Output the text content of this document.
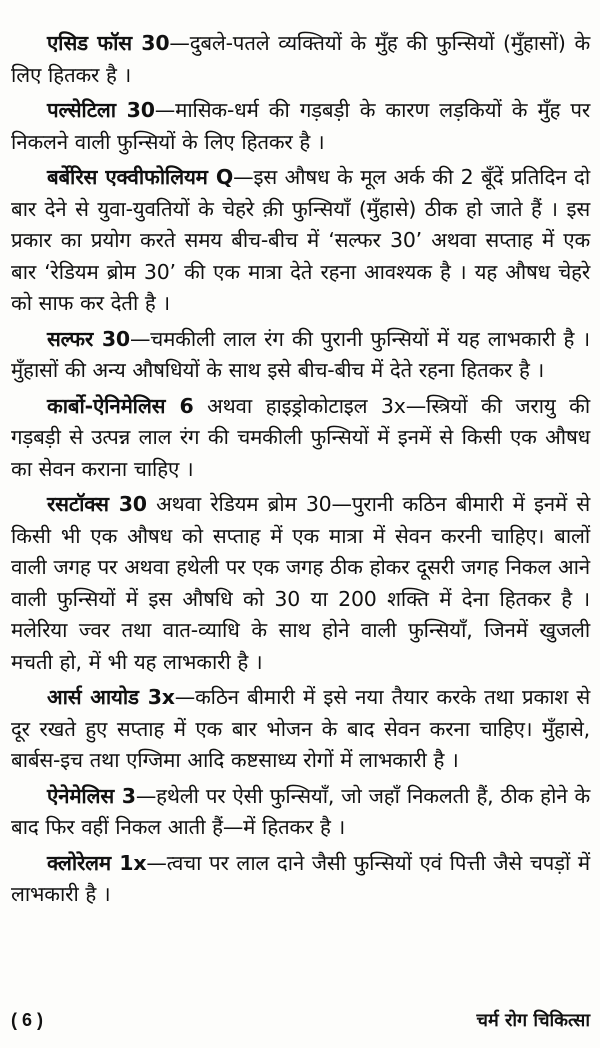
एसिड फॉस 30—दुबले-पतले व्यक्तियों के मुँह की फुन्सियों (मुँहासों) के लिए हितकर है ।

पल्सेटिला 30—मासिक-धर्म की गड़बड़ी के कारण लड़कियों के मुँह पर निकलने वाली फुन्सियों के लिए हितकर है ।

बर्बेरिस एक्वीफोलियम Q—इस औषध के मूल अर्क की 2 बूँदें प्रतिदिन दो बार देने से युवा-युवतियों के चेहरे क़ी फुन्सियाँ (मुँहासे) ठीक हो जाते हैं । इस प्रकार का प्रयोग करते समय बीच-बीच में ‘सल्फर 30’ अथवा सप्ताह में एक बार ‘रेडियम ब्रोम 30’ की एक मात्रा देते रहना आवश्यक है । यह औषध चेहरे को साफ कर देती है ।

सल्फर 30—चमकीली लाल रंग की पुरानी फुन्सियों में यह लाभकारी है । मुँहासों की अन्य औषधियों के साथ इसे बीच-बीच में देते रहना हितकर है ।

कार्बो-ऐनिमेलिस 6 अथवा हाइड्रोकोटाइल 3x—स्त्रियों की जरायु की गड़बड़ी से उत्पन्न लाल रंग की चमकीली फुन्सियों में इनमें से किसी एक औषध का सेवन कराना चाहिए ।

रसटॉक्स 30 अथवा रेडियम ब्रोम 30—पुरानी कठिन बीमारी में इनमें से किसी भी एक औषध को सप्ताह में एक मात्रा में सेवन करनी चाहिए। बालों वाली जगह पर अथवा हथेली पर एक जगह ठीक होकर दूसरी जगह निकल आने वाली फुन्सियों में इस औषधि को 30 या 200 शक्ति में देना हितकर है । मलेरिया ज्वर तथा वात-व्याधि के साथ होने वाली फुन्सियाँ, जिनमें खुजली मचती हो, में भी यह लाभकारी है ।

आर्स आयोड 3x—कठिन बीमारी में इसे नया तैयार करके तथा प्रकाश से दूर रखते हुए सप्ताह में एक बार भोजन के बाद सेवन करना चाहिए। मुँहासे, बार्बस-इच तथा एग्जिमा आदि कष्टसाध्य रोगों में लाभकारी है ।

ऐनेमेलिस 3—हथेली पर ऐसी फुन्सियाँ, जो जहाँ निकलती हैं, ठीक होने के बाद फिर वहीं निकल आती हैं—में हितकर है ।

क्लोरेलम 1x—त्वचा पर लाल दाने जैसी फुन्सियों एवं पित्ती जैसे चपड़ों में लाभकारी है ।

( 6 )	चर्म रोग चिकित्सा
